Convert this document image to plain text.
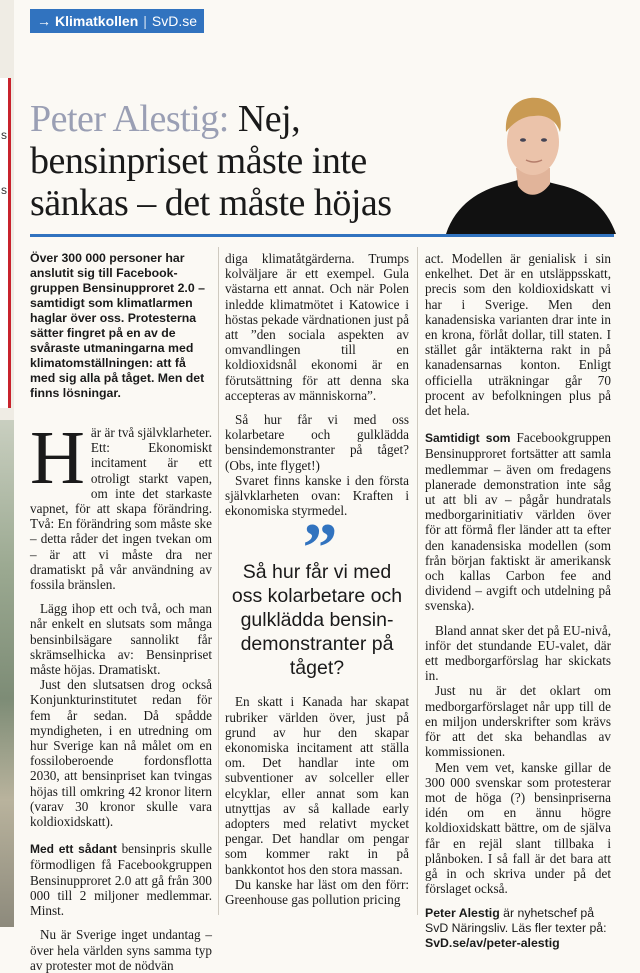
s
s
→ Klimatkollen | SvD.se
Peter Alestig: Nej, bensinpriset måste inte sänkas – det måste höjas

Över 300 000 personer har anslutit sig till Facebookgruppen Bensinupproret 2.0 – samtidigt som klimatlarmen haglar över oss. Protesterna sätter fingret på en av de svåraste utmaningarna med klimatomställningen: att få med sig alla på tåget. Men det finns lösningar.

Här är två självklarheter. Ett: Ekonomiskt incitament är ett otroligt starkt vapen, om inte det starkaste vapnet, för att skapa förändring. Två: En förändring som måste ske – detta råder det ingen tvekan om – är att vi måste dra ner dramatiskt på vår användning av fossila bränslen.

Lägg ihop ett och två, och man når enkelt en slutsats som många bensinbilsägare sannolikt får skrämselhicka av: Bensinpriset måste höjas. Dramatiskt.

Just den slutsatsen drog också Konjunkturinstitutet redan för fem år sedan. Då spådde myndigheten, i en utredning om hur Sverige kan nå målet om en fossiloberoende fordonsflotta 2030, att bensinpriset kan tvingas höjas till omkring 42 kronor litern (varav 30 kronor skulle vara koldioxidskatt).

Med ett sådant bensinpris skulle förmodligen få Facebookgruppen Bensinupproret 2.0 att gå från 300 000 till 2 miljoner medlemmar. Minst.

Nu är Sverige inget undantag – över hela världen syns samma typ av protester mot de nödvän

diga klimatåtgärderna. Trumps kolväljare är ett exempel. Gula västarna ett annat. Och när Polen inledde klimatmötet i Katowice i höstas pekade värdnationen just på att ”den sociala aspekten av omvandlingen till en koldioxidsnål ekonomi är en förutsättning för att denna ska accepteras av människorna”.

Så hur får vi med oss kolarbetare och gulklädda bensindemonstranter på tåget? (Obs, inte flyget!)

Svaret finns kanske i den första självklarheten ovan: Kraften i ekonomiska styrmedel.

”
Så hur får vi med oss kolarbetare och gulklädda bensindemonstranter på tåget?

En skatt i Kanada har skapat rubriker världen över, just på grund av hur den skapar ekonomiska incitament att ställa om. Det handlar inte om subventioner av solceller eller elcyklar, eller annat som kan utnyttjas av så kallade early adopters med relativt mycket pengar. Det handlar om pengar som kommer rakt in på bankkontot hos den stora massan.

Du kanske har läst om den förr: Greenhouse gas pollution pricing

act. Modellen är genialisk i sin enkelhet. Det är en utsläppsskatt, precis som den koldioxidskatt vi har i Sverige. Men den kanadensiska varianten drar inte in en krona, förlåt dollar, till staten. I stället går intäkterna rakt in på kanadensarnas konton. Enligt officiella uträkningar går 70 procent av befolkningen plus på det hela.

Samtidigt som Facebookgruppen Bensinupproret fortsätter att samla medlemmar – även om fredagens planerade demonstration inte såg ut att bli av – pågår hundratals medborgarinitiativ världen över för att förmå fler länder att ta efter den kanadensiska modellen (som från början faktiskt är amerikansk och kallas Carbon fee and dividend – avgift och utdelning på svenska).

Bland annat sker det på EU-nivå, inför det stundande EU-valet, där ett medborgarförslag har skickats in.

Just nu är det oklart om medborgarförslaget når upp till de en miljon underskrifter som krävs för att det ska behandlas av kommissionen.

Men vem vet, kanske gillar de 300 000 svenskar som protesterar mot de höga (?) bensinpriserna idén om en ännu högre koldioxidskatt bättre, om de själva får en rejäl slant tillbaka i plånboken. I så fall är det bara att gå in och skriva under på det förslaget också.

Peter Alestig är nyhetschef på SvD Näringsliv. Läs fler texter på: SvD.se/av/peter-alestig
